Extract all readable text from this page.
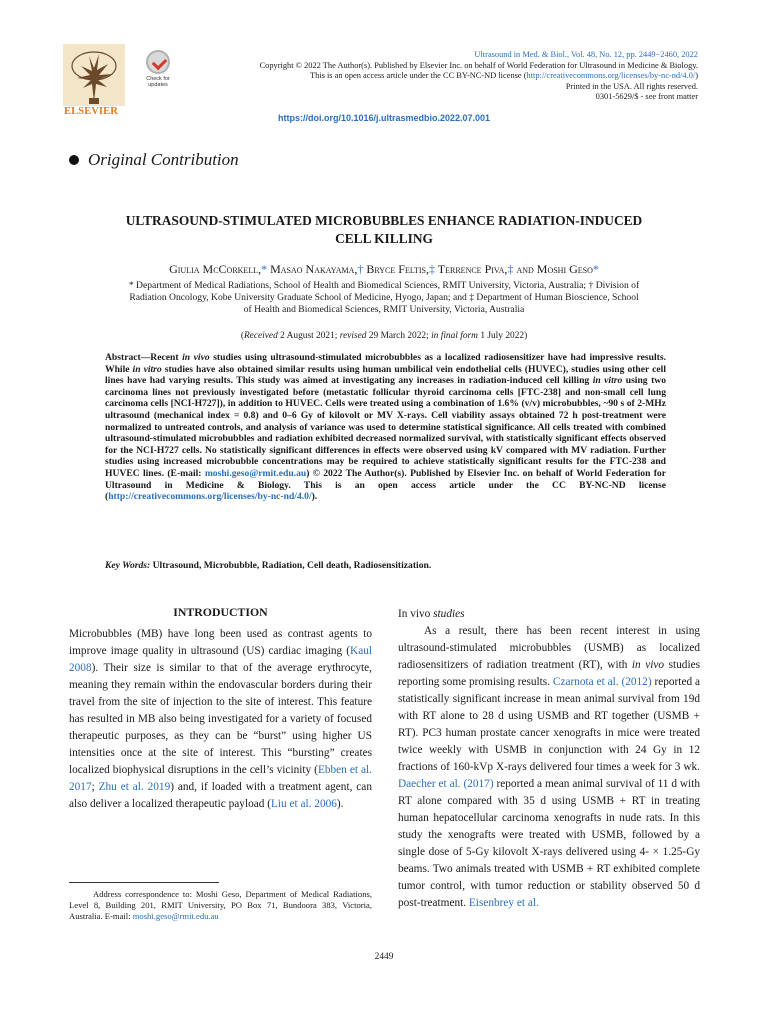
ELSEVIER
Check for
updates
Ultrasound in Med. & Biol., Vol. 48, No. 12, pp. 2449−2460, 2022
Copyright © 2022 The Author(s). Published by Elsevier Inc. on behalf of World Federation for Ultrasound in Medicine & Biology.
This is an open access article under the CC BY-NC-ND license (http://creativecommons.org/licenses/by-nc-nd/4.0/)
Printed in the USA. All rights reserved.
0301-5629/$ - see front matter
https://doi.org/10.1016/j.ultrasmedbio.2022.07.001
Original Contribution
ULTRASOUND-STIMULATED MICROBUBBLES ENHANCE RADIATION-INDUCED
CELL KILLING
Giulia McCorkell,* Masao Nakayama,† Bryce Feltis,‡ Terrence Piva,‡ and Moshi Geso*
* Department of Medical Radiations, School of Health and Biomedical Sciences, RMIT University, Victoria, Australia; † Division of
Radiation Oncology, Kobe University Graduate School of Medicine, Hyogo, Japan; and ‡ Department of Human Bioscience, School
of Health and Biomedical Sciences, RMIT University, Victoria, Australia
(Received 2 August 2021; revised 29 March 2022; in final form 1 July 2022)
Abstract—Recent in vivo studies using ultrasound-stimulated microbubbles as a localized radiosensitizer have had impressive results. While in vitro studies have also obtained similar results using human umbilical vein endothelial cells (HUVEC), studies using other cell lines have had varying results. This study was aimed at investigating any increases in radiation-induced cell killing in vitro using two carcinoma lines not previously investigated before (metastatic follicular thyroid carcinoma cells [FTC-238] and non-small cell lung carcinoma cells [NCI-H727]), in addition to HUVEC. Cells were treated using a combination of 1.6% (v/v) microbubbles, ~90 s of 2-MHz ultrasound (mechanical index = 0.8) and 0–6 Gy of kilovolt or MV X-rays. Cell viability assays obtained 72 h post-treatment were normalized to untreated controls, and analysis of variance was used to determine statistical significance. All cells treated with combined ultrasound-stimulated microbubbles and radiation exhibited decreased normalized survival, with statistically significant effects observed for the NCI-H727 cells. No statistically significant differences in effects were observed using kV compared with MV radiation. Further studies using increased microbubble concentrations may be required to achieve statistically significant results for the FTC-238 and HUVEC lines. (E-mail: moshi.geso@rmit.edu.au) © 2022 The Author(s). Published by Elsevier Inc. on behalf of World Federation for Ultrasound in Medicine & Biology. This is an open access article under the CC BY-NC-ND license (http://creativecommons.org/licenses/by-nc-nd/4.0/).
Key Words: Ultrasound, Microbubble, Radiation, Cell death, Radiosensitization.
INTRODUCTION
Microbubbles (MB) have long been used as contrast agents to improve image quality in ultrasound (US) cardiac imaging (Kaul 2008). Their size is similar to that of the average erythrocyte, meaning they remain within the endovascular borders during their travel from the site of injection to the site of interest. This feature has resulted in MB also being investigated for a variety of focused therapeutic purposes, as they can be “burst” using higher US intensities once at the site of interest. This “bursting” creates localized biophysical disruptions in the cell’s vicinity (Ebben et al. 2017; Zhu et al. 2019) and, if loaded with a treatment agent, can also deliver a localized therapeutic payload (Liu et al. 2006).
In vivo studies
As a result, there has been recent interest in using ultrasound-stimulated microbubbles (USMB) as localized radiosensitizers of radiation treatment (RT), with in vivo studies reporting some promising results. Czarnota et al. (2012) reported a statistically significant increase in mean animal survival from 19d with RT alone to 28 d using USMB and RT together (USMB + RT). PC3 human prostate cancer xenografts in mice were treated twice weekly with USMB in conjunction with 24 Gy in 12 fractions of 160-kVp X-rays delivered four times a week for 3 wk. Daecher et al. (2017) reported a mean animal survival of 11 d with RT alone compared with 35 d using USMB + RT in treating human hepatocellular carcinoma xenografts in nude rats. In this study the xenografts were treated with USMB, followed by a single dose of 5-Gy kilovolt X-rays delivered using 4- × 1.25-Gy beams. Two animals treated with USMB + RT exhibited complete tumor control, with tumor reduction or stability observed 50 d post-treatment. Eisenbrey et al.
Address correspondence to: Moshi Geso, Department of Medical Radiations, Level 8, Building 201, RMIT University, PO Box 71, Bundoora 383, Victoria, Australia. E-mail: moshi.geso@rmit.edu.au
2449
